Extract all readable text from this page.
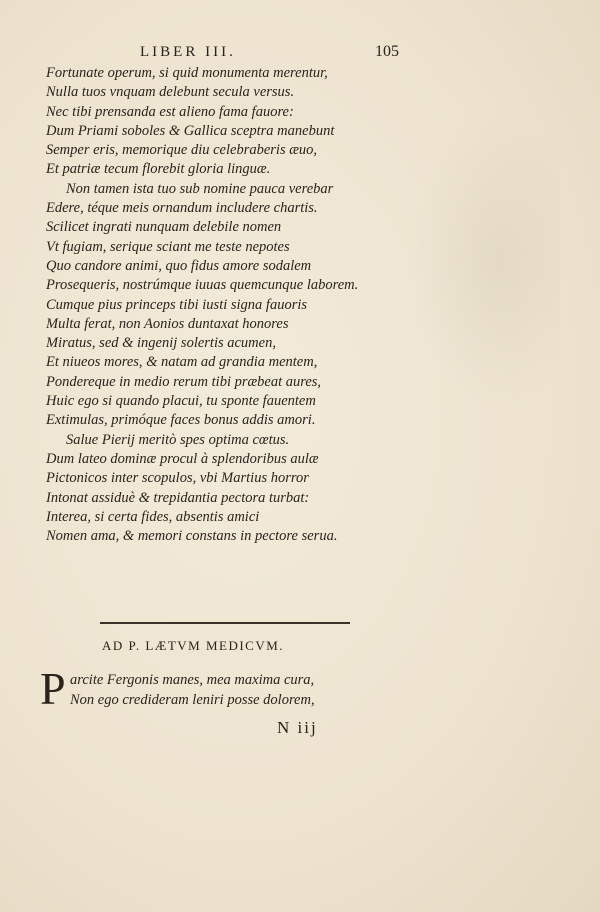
LIBER III.	105
Fortunate operum, si quid monumenta merentur,
Nulla tuos vnquam delebunt secula versus.
Nec tibi prensanda est alieno fama fauore:
Dum Priami soboles & Gallica sceptra manebunt
Semper eris, memorique diu celebraberis æuo,
Et patriæ tecum florebit gloria linguæ.
Non tamen ista tuo sub nomine pauca verebar
Edere, téque meis ornandum includere chartis.
Scilicet ingrati nunquam delebile nomen
Vt fugiam, serique sciant me teste nepotes
Quo candore animi, quo fidus amore sodalem
Prosequeris, nostrúmque iuuas quemcunque laborem.
Cumque pius princeps tibi iusti signa fauoris
Multa ferat, non Aonios duntaxat honores
Miratus, sed & ingenij solertis acumen,
Et niueos mores, & natam ad grandia mentem,
Pondereque in medio rerum tibi præbeat aures,
Huic ego si quando placui, tu sponte fauentem
Extimulas, primóque faces bonus addis amori.
Salue Pierij meritò spes optima cœtus.
Dum lateo dominæ procul à splendoribus aulæ
Pictonicos inter scopulos, vbi Martius horror
Intonat assiduè & trepidantia pectora turbat:
Interea, si certa fides, absentis amici
Nomen ama, & memori constans in pectore serua.
AD P. LÆTVM MEDICVM.
P arcite Fergonis manes, mea maxima cura,
Non ego credideram leniri posse dolorem,
N iij
